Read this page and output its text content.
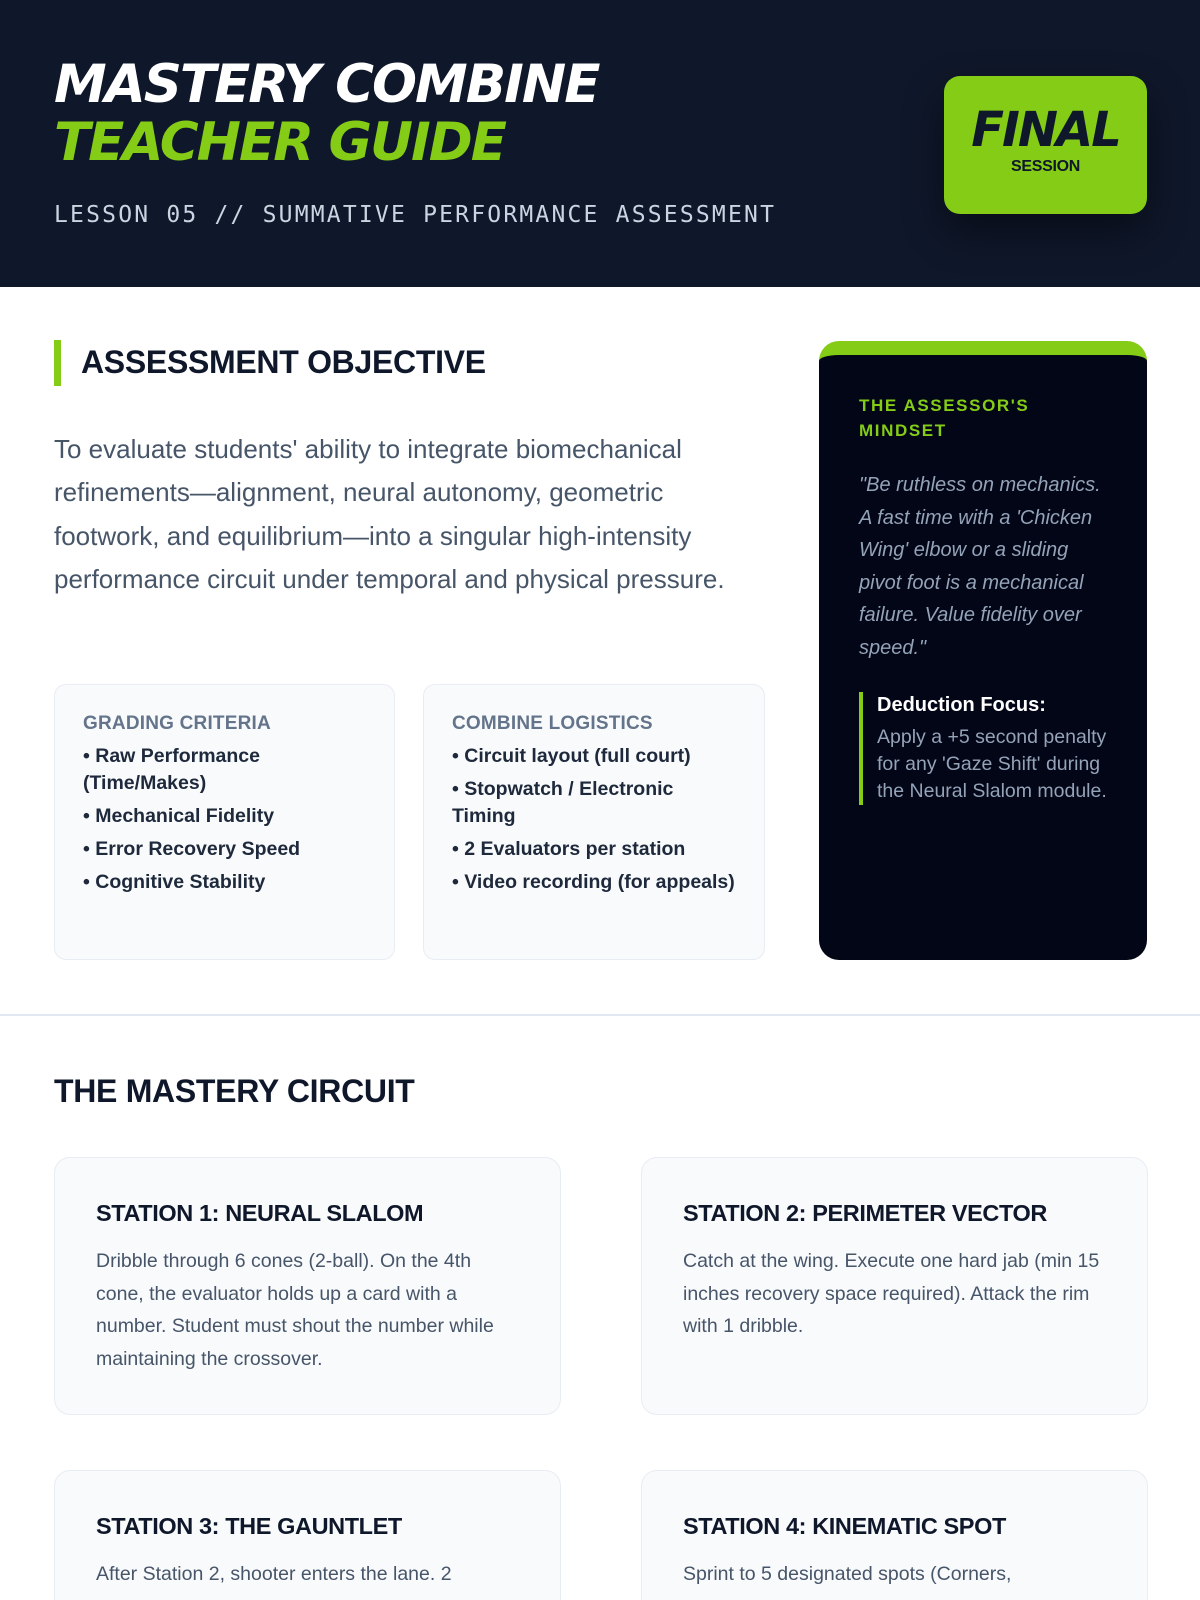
MASTERY COMBINE
TEACHER GUIDE
LESSON 05 // SUMMATIVE PERFORMANCE ASSESSMENT
FINAL
SESSION
ASSESSMENT OBJECTIVE

To evaluate students' ability to integrate biomechanical refinements—alignment, neural autonomy, geometric footwork, and equilibrium—into a singular high-intensity performance circuit under temporal and physical pressure.

GRADING CRITERIA
• Raw Performance (Time/Makes)
• Mechanical Fidelity
• Error Recovery Speed
• Cognitive Stability
COMBINE LOGISTICS
• Circuit layout (full court)
• Stopwatch / Electronic Timing
• 2 Evaluators per station
• Video recording (for appeals)
THE ASSESSOR'S MINDSET

"Be ruthless on mechanics. A fast time with a 'Chicken Wing' elbow or a sliding pivot foot is a mechanical failure. Value fidelity over speed."

Deduction Focus:
Apply a +5 second penalty for any 'Gaze Shift' during the Neural Slalom module.
THE MASTERY CIRCUIT
STATION 1: NEURAL SLALOM

Dribble through 6 cones (2-ball). On the 4th cone, the evaluator holds up a card with a number. Student must shout the number while maintaining the crossover.

STATION 2: PERIMETER VECTOR

Catch at the wing. Execute one hard jab (min 15 inches recovery space required). Attack the rim with 1 dribble.

STATION 3: THE GAUNTLET

After Station 2, shooter enters the lane. 2

STATION 4: KINEMATIC SPOT

Sprint to 5 designated spots (Corners,
